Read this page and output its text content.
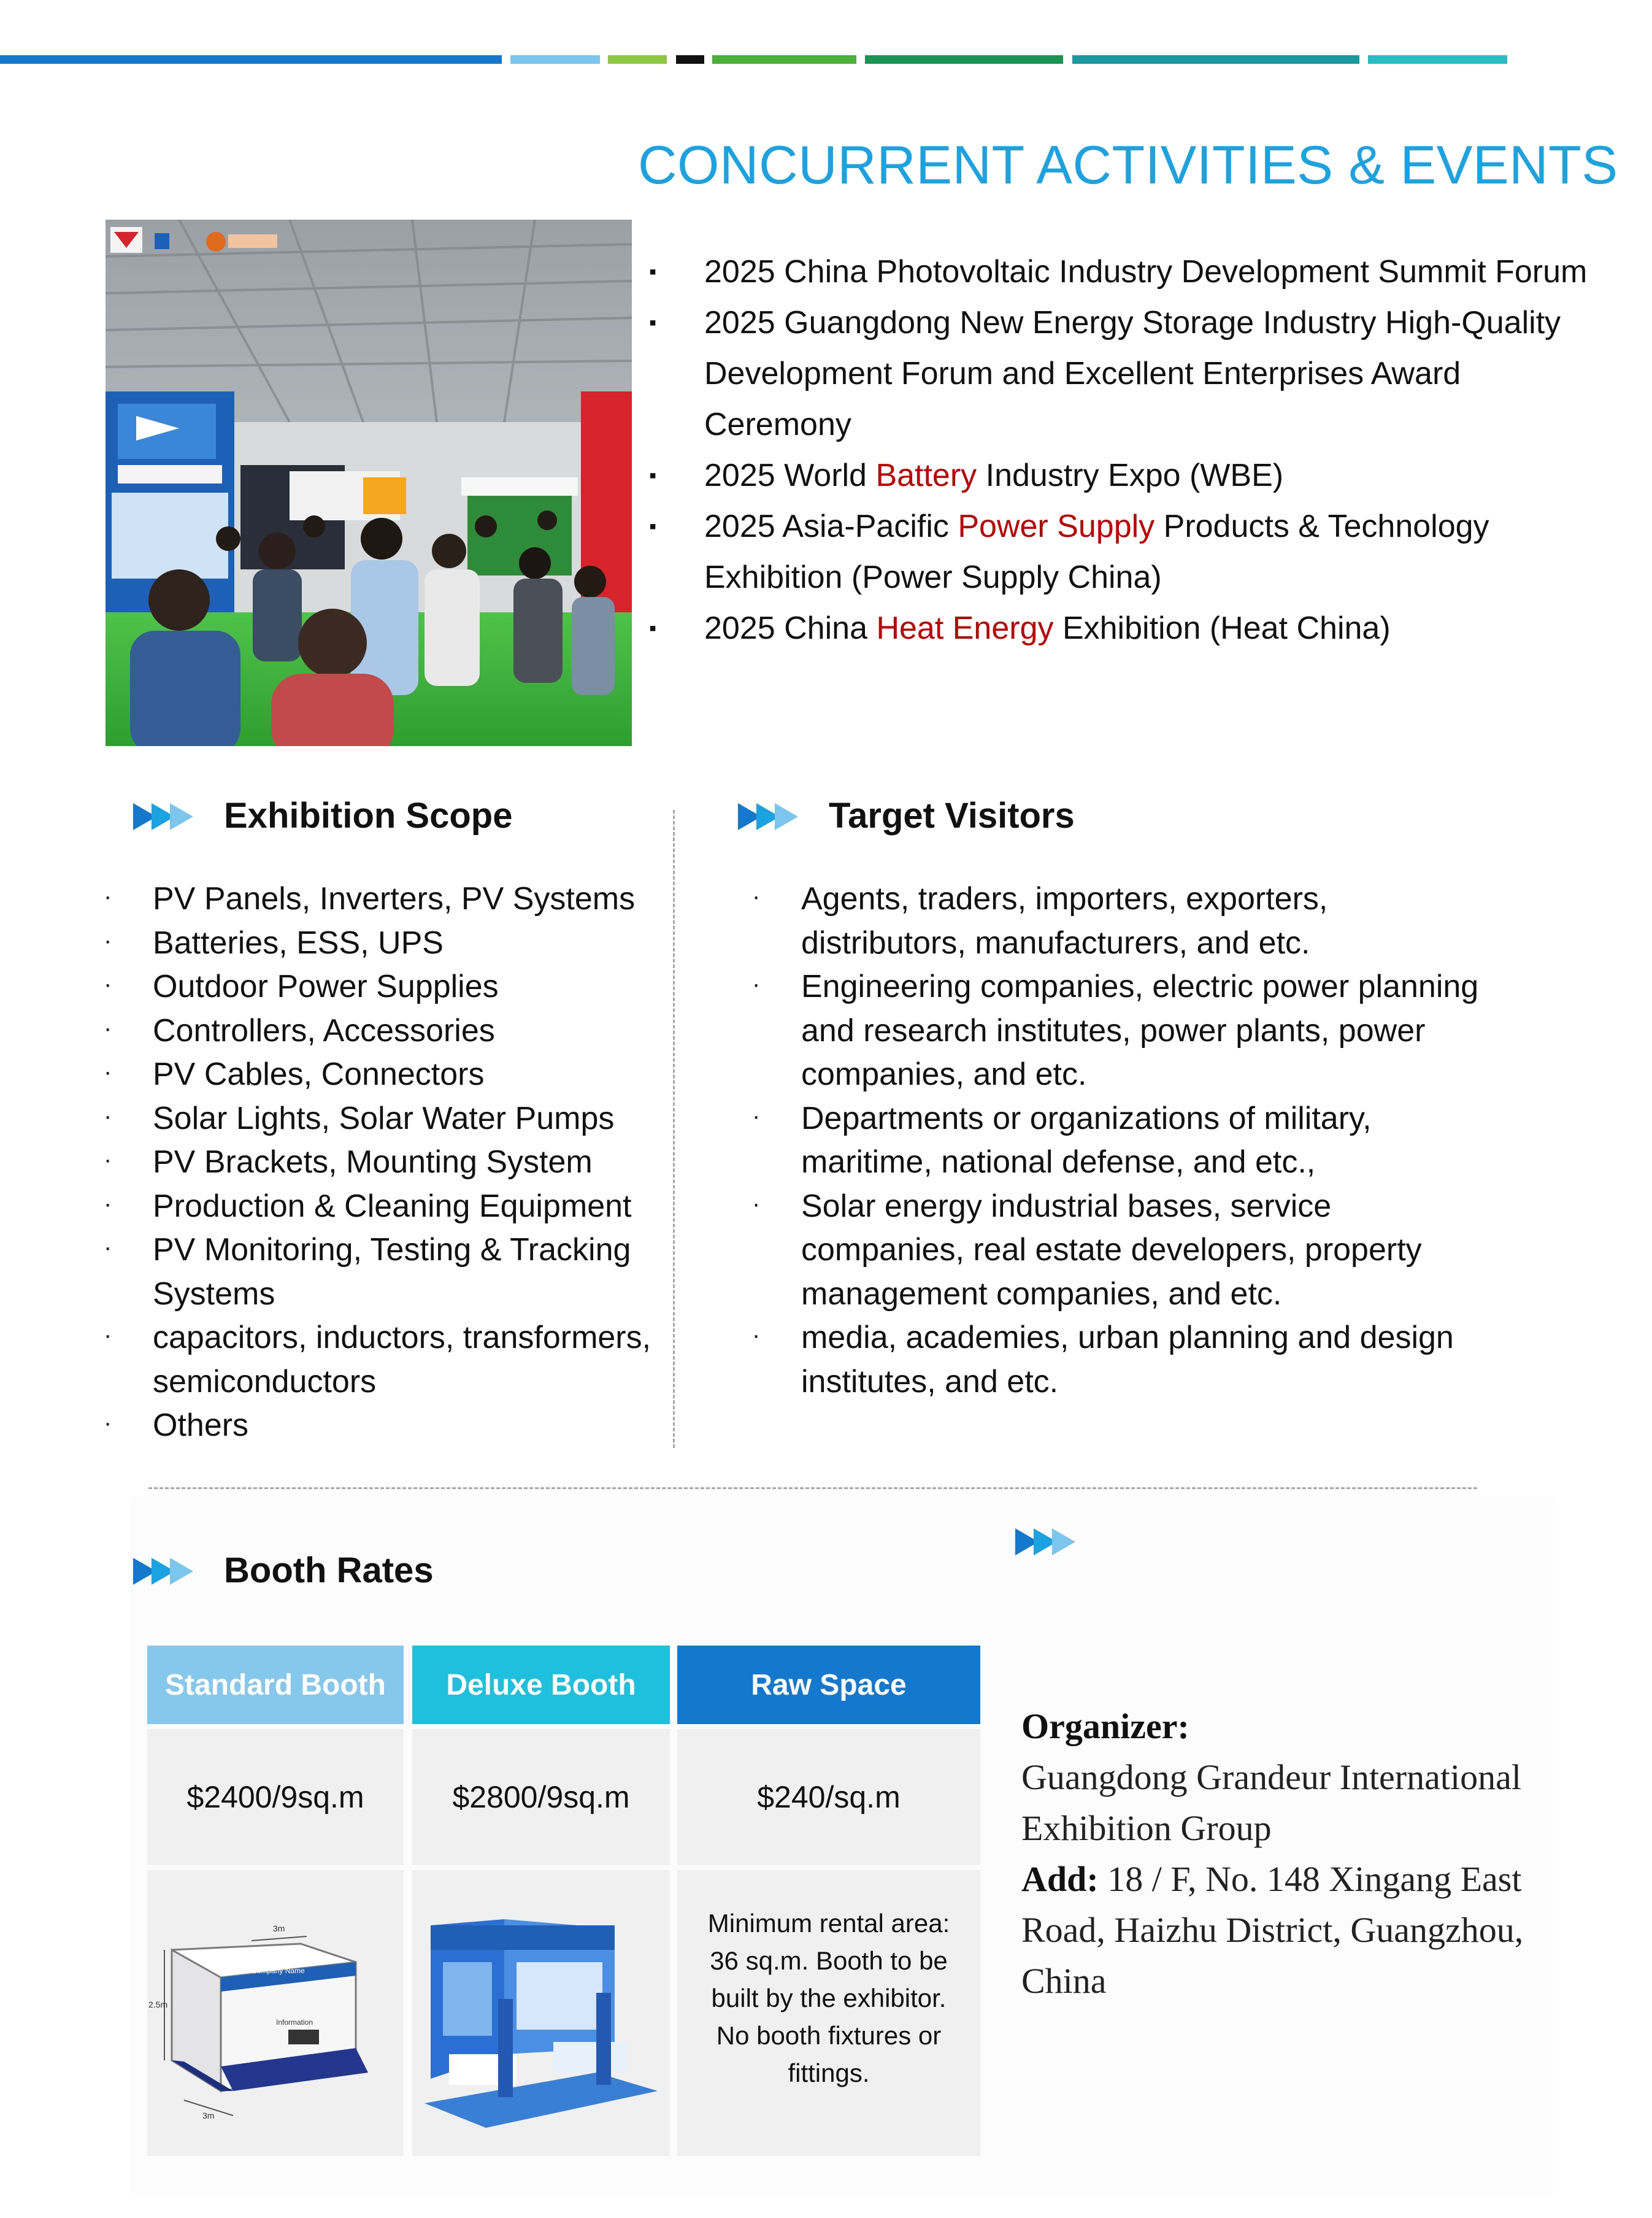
CONCURRENT ACTIVITIES & EVENTS
▪ 2025 China Photovoltaic Industry Development Summit Forum
▪ 2025 Guangdong New Energy Storage Industry High-Quality Development Forum and Excellent Enterprises Award Ceremony
▪ 2025 World Battery Industry Expo (WBE)
▪ 2025 Asia-Pacific Power Supply Products & Technology Exhibition (Power Supply China)
▪ 2025 China Heat Energy Exhibition (Heat China)
Exhibition Scope
· PV Panels, Inverters, PV Systems
· Batteries, ESS, UPS
· Outdoor Power Supplies
· Controllers, Accessories
· PV Cables, Connectors
· Solar Lights, Solar Water Pumps
· PV Brackets, Mounting System
· Production & Cleaning Equipment
· PV Monitoring, Testing & Tracking Systems
· capacitors, inductors, transformers, semiconductors
· Others
Target Visitors
· Agents, traders, importers, exporters, distributors, manufacturers, and etc.
· Engineering companies, electric power planning and research institutes, power plants, power companies, and etc.
· Departments or organizations of military, maritime, national defense, and etc.,
· Solar energy industrial bases, service companies, real estate developers, property management companies, and etc.
· media, academies, urban planning and design institutes, and etc.
Booth Rates
Standard Booth	Deluxe Booth	Raw Space
$2400/9sq.m	$2800/9sq.m	$240/sq.m
2.5m
3m
3m
Company Name
Information
Minimum rental area: 36 sq.m. Booth to be built by the exhibitor. No booth fixtures or fittings.
Organizer:
Guangdong Grandeur International Exhibition Group
Add: 18 / F, No. 148 Xingang East Road, Haizhu District, Guangzhou, China
